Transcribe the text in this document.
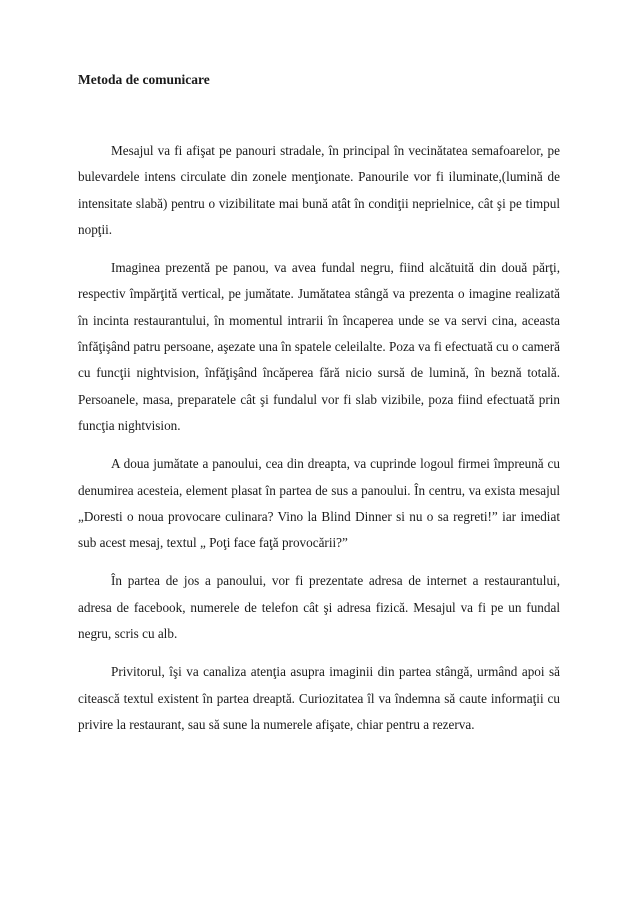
Metoda de comunicare

Mesajul va fi afişat pe panouri stradale, în principal în vecinătatea semafoarelor, pe bulevardele intens circulate din zonele menţionate. Panourile vor fi iluminate,(lumină de intensitate slabă) pentru o vizibilitate mai bună atât în condiţii neprielnice, cât şi pe timpul nopţii.

Imaginea prezentă pe panou, va avea fundal negru, fiind alcătuită din două părţi, respectiv împărţită vertical, pe jumătate. Jumătatea stângă va prezenta o imagine realizată în incinta restaurantului, în momentul intrarii în încaperea unde se va servi cina, aceasta înfăţişând patru persoane, aşezate una în spatele celeilalte. Poza va fi efectuată cu o cameră cu funcţii nightvision, înfăţişând încăperea fără nicio sursă de lumină, în beznă totală. Persoanele, masa, preparatele cât şi fundalul vor fi slab vizibile, poza fiind efectuată prin funcţia nightvision.

A doua jumătate a panoului, cea din dreapta, va cuprinde logoul firmei împreună cu denumirea acesteia, element plasat în partea de sus a panoului. În centru, va exista mesajul „Doresti o noua provocare culinara? Vino la Blind Dinner si nu o sa regreti!” iar imediat sub acest mesaj, textul „ Poţi face faţă provocării?”

În partea de jos a panoului, vor fi prezentate adresa de internet a restaurantului, adresa de facebook, numerele de telefon cât şi adresa fizică. Mesajul va fi pe un fundal negru, scris cu alb.

Privitorul, îşi va canaliza atenţia asupra imaginii din partea stângă, urmând apoi să citească textul existent în partea dreaptă. Curiozitatea îl va îndemna să caute informaţii cu privire la restaurant, sau să sune la numerele afişate, chiar pentru a rezerva.
